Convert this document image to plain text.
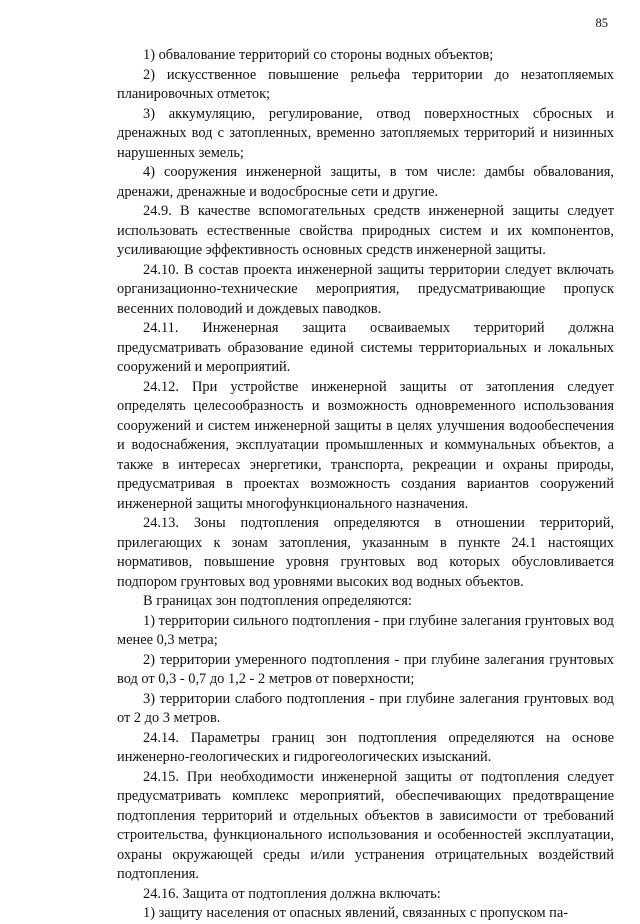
85

1) обвалование территорий со стороны водных объектов;

2) искусственное повышение рельефа территории до незатопляемых планировочных отметок;

3) аккумуляцию, регулирование, отвод поверхностных сбросных и дренажных вод с затопленных, временно затопляемых территорий и низинных нарушенных земель;

4) сооружения инженерной защиты, в том числе: дамбы обвалования, дренажи, дренажные и водосбросные сети и другие.

24.9. В качестве вспомогательных средств инженерной защиты следует использовать естественные свойства природных систем и их компонентов, усиливающие эффективность основных средств инженерной защиты.

24.10. В состав проекта инженерной защиты территории следует включать организационно-технические мероприятия, предусматривающие пропуск весенних половодий и дождевых паводков.

24.11. Инженерная защита осваиваемых территорий должна предусматривать образование единой системы территориальных и локальных сооружений и мероприятий.

24.12. При устройстве инженерной защиты от затопления следует определять целесообразность и возможность одновременного использования сооружений и систем инженерной защиты в целях улучшения водообеспечения и водоснабжения, эксплуатации промышленных и коммунальных объектов, а также в интересах энергетики, транспорта, рекреации и охраны природы, предусматривая в проектах возможность создания вариантов сооружений инженерной защиты многофункционального назначения.

24.13. Зоны подтопления определяются в отношении территорий, прилегающих к зонам затопления, указанным в пункте 24.1 настоящих нормативов, повышение уровня грунтовых вод которых обусловливается подпором грунтовых вод уровнями высоких вод водных объектов.

В границах зон подтопления определяются:

1) территории сильного подтопления - при глубине залегания грунтовых вод менее 0,3 метра;

2) территории умеренного подтопления - при глубине залегания грунтовых вод от 0,3 - 0,7 до 1,2 - 2 метров от поверхности;

3) территории слабого подтопления - при глубине залегания грунтовых вод от 2 до 3 метров.

24.14. Параметры границ зон подтопления определяются на основе инженерно-геологических и гидрогеологических изысканий.

24.15. При необходимости инженерной защиты от подтопления следует предусматривать комплекс мероприятий, обеспечивающих предотвращение подтопления территорий и отдельных объектов в зависимости от требований строительства, функционального использования и особенностей эксплуатации, охраны окружающей среды и/или устранения отрицательных воздействий подтопления.

24.16. Защита от подтопления должна включать:

1) защиту населения от опасных явлений, связанных с пропуском па-
